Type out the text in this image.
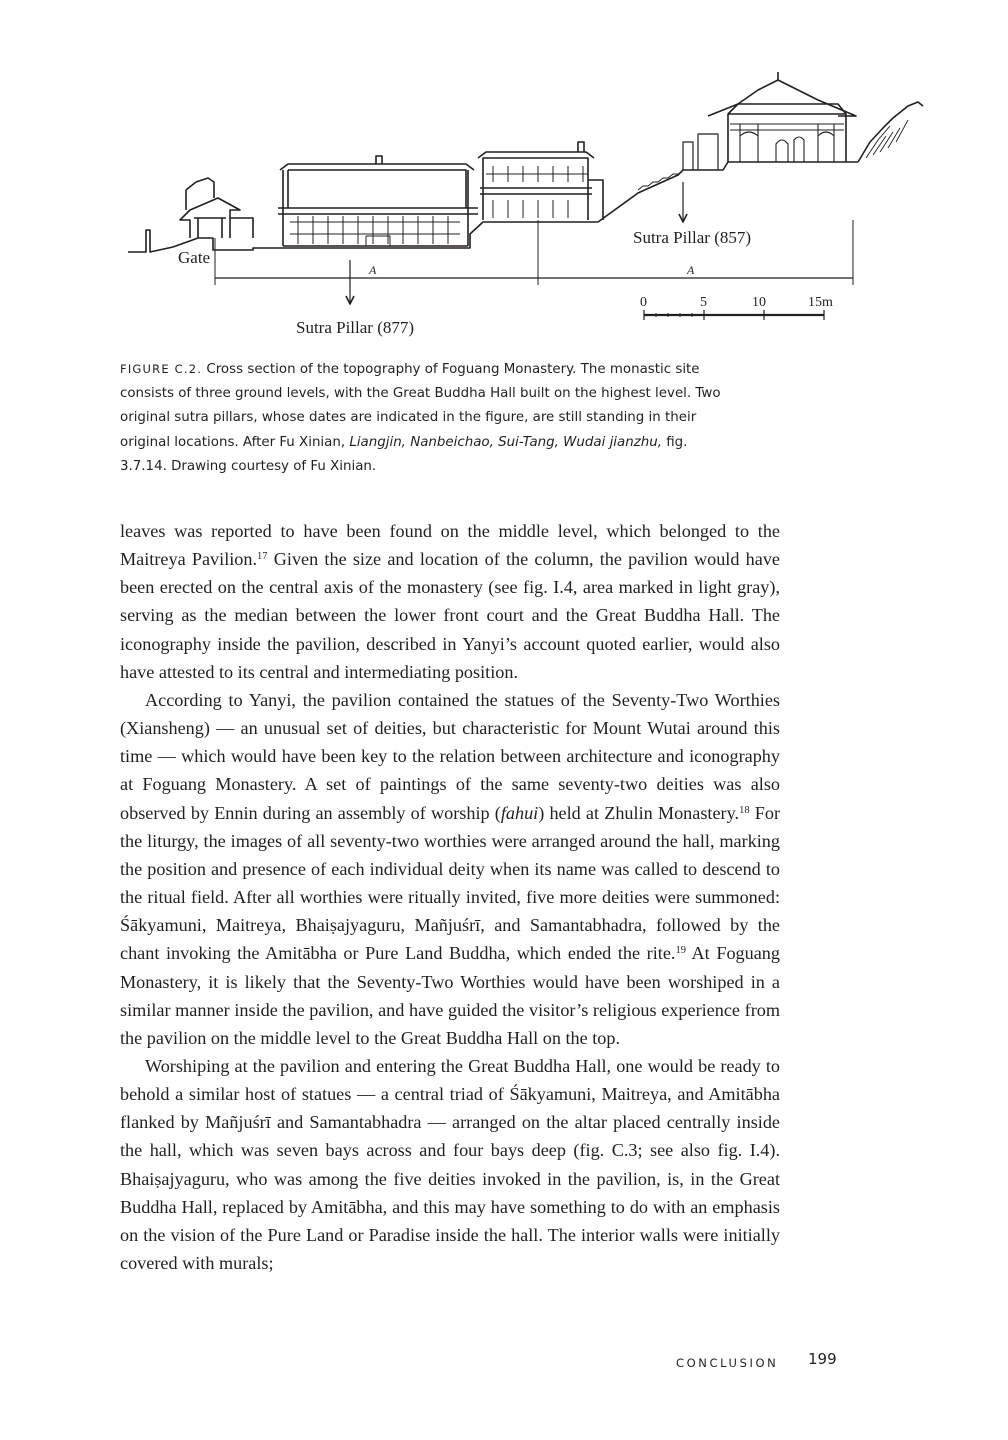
Gate
Sutra Pillar (857)
Sutra Pillar (877)
A	A
0	5	10	15m
FIGURE C.2. Cross section of the topography of Foguang Monastery. The monastic site consists of three ground levels, with the Great Buddha Hall built on the highest level. Two original sutra pillars, whose dates are indicated in the figure, are still standing in their original locations. After Fu Xinian, Liangjin, Nanbeichao, Sui-Tang, Wudai jianzhu, fig. 3.7.14. Drawing courtesy of Fu Xinian.

leaves was reported to have been found on the middle level, which belonged to the Maitreya Pavilion.$^{17}$ Given the size and location of the column, the pavilion would have been erected on the central axis of the monastery (see fig. I.4, area marked in light gray), serving as the median between the lower front court and the Great Buddha Hall. The iconography inside the pavilion, described in Yanyi’s account quoted earlier, would also have attested to its central and intermediating position.

According to Yanyi, the pavilion contained the statues of the Seventy-Two Worthies (Xiansheng) — an unusual set of deities, but characteristic for Mount Wutai around this time — which would have been key to the relation between architecture and iconography at Foguang Monastery. A set of paintings of the same seventy-two deities was also observed by Ennin during an assembly of worship (fahui) held at Zhulin Monastery.$^{18}$ For the liturgy, the images of all seventy-two worthies were arranged around the hall, marking the position and presence of each individual deity when its name was called to descend to the ritual field. After all worthies were ritually invited, five more deities were summoned: Śākyamuni, Maitreya, Bhaiṣajyaguru, Mañjuśrī, and Samantabhadra, followed by the chant invoking the Amitābha or Pure Land Buddha, which ended the rite.$^{19}$ At Foguang Monastery, it is likely that the Seventy-Two Worthies would have been worshiped in a similar manner inside the pavilion, and have guided the visitor’s religious experience from the pavilion on the middle level to the Great Buddha Hall on the top.

Worshiping at the pavilion and entering the Great Buddha Hall, one would be ready to behold a similar host of statues — a central triad of Śākyamuni, Maitreya, and Amitābha flanked by Mañjuśrī and Samantabhadra — arranged on the altar placed centrally inside the hall, which was seven bays across and four bays deep (fig. C.3; see also fig. I.4). Bhaiṣajyaguru, who was among the five deities invoked in the pavilion, is, in the Great Buddha Hall, replaced by Amitābha, and this may have something to do with an emphasis on the vision of the Pure Land or Paradise inside the hall. The interior walls were initially covered with murals;

CONCLUSION 199
